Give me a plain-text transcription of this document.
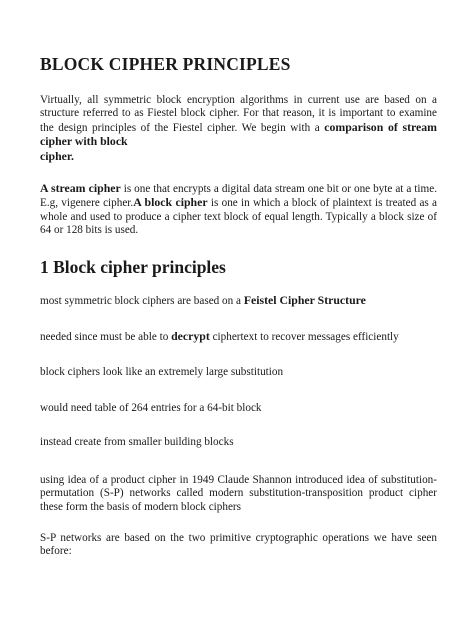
BLOCK CIPHER PRINCIPLES

Virtually, all symmetric block encryption algorithms in current use are based on a structure referred to as Fiestel block cipher. For that reason, it is important to examine the design principles of the Fiestel cipher. We begin with a comparison of stream cipher with block

cipher.

A stream cipher is one that encrypts a digital data stream one bit or one byte at a time. E.g, vigenere cipher.A block cipher is one in which a block of plaintext is treated as a whole and used to produce a cipher text block of equal length. Typically a block size of 64 or 128 bits is used.

1 Block cipher principles

most symmetric block ciphers are based on a Feistel Cipher Structure

needed since must be able to decrypt ciphertext to recover messages efficiently

block ciphers look like an extremely large substitution

would need table of 264 entries for a 64-bit block

instead create from smaller building blocks

using idea of a product cipher in 1949 Claude Shannon introduced idea of substitution-permutation (S-P) networks called modern substitution-transposition product cipher these form the basis of modern block ciphers

S-P networks are based on the two primitive cryptographic operations we have seen before:
